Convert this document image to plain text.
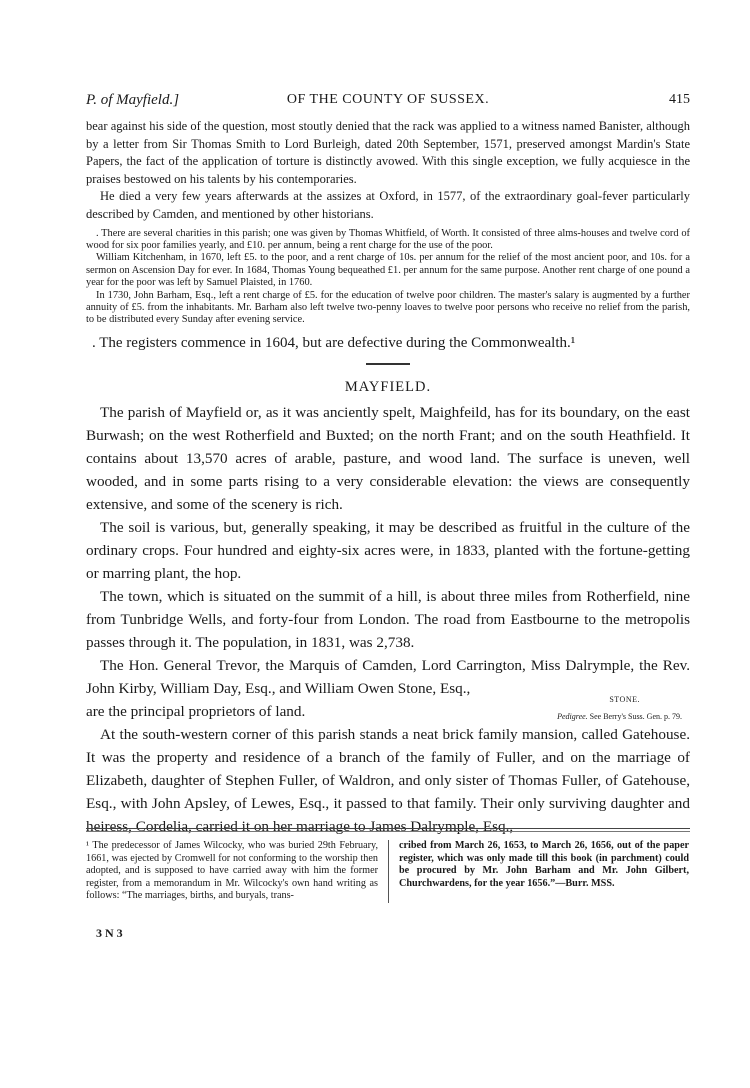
P. of Mayfield.]	OF THE COUNTY OF SUSSEX.	415

bear against his side of the question, most stoutly denied that the rack was applied to a witness named Banister, although by a letter from Sir Thomas Smith to Lord Burleigh, dated 20th September, 1571, preserved amongst Mardin's State Papers, the fact of the application of torture is distinctly avowed. With this single exception, we fully acquiesce in the praises bestowed on his talents by his contemporaries.

He died a very few years afterwards at the assizes at Oxford, in 1577, of the extraordinary goal-fever particularly described by Camden, and mentioned by other historians.

. There are several charities in this parish; one was given by Thomas Whitfield, of Worth. It consisted of three alms-houses and twelve cord of wood for six poor families yearly, and £10. per annum, being a rent charge for the use of the poor.

William Kitchenham, in 1670, left £5. to the poor, and a rent charge of 10s. per annum for the relief of the most ancient poor, and 10s. for a sermon on Ascension Day for ever. In 1684, Thomas Young bequeathed £1. per annum for the same purpose. Another rent charge of one pound a year for the poor was left by Samuel Plaisted, in 1760.

In 1730, John Barham, Esq., left a rent charge of £5. for the education of twelve poor children. The master's salary is augmented by a further annuity of £5. from the inhabitants. Mr. Barham also left twelve two-penny loaves to twelve poor persons who receive no relief from the parish, to be distributed every Sunday after evening service.

. The registers commence in 1604, but are defective during the Commonwealth.¹

MAYFIELD.

The parish of Mayfield or, as it was anciently spelt, Maighfeild, has for its boundary, on the east Burwash; on the west Rotherfield and Buxted; on the north Frant; and on the south Heathfield. It contains about 13,570 acres of arable, pasture, and wood land. The surface is uneven, well wooded, and in some parts rising to a very considerable elevation: the views are consequently extensive, and some of the scenery is rich.

The soil is various, but, generally speaking, it may be described as fruitful in the culture of the ordinary crops. Four hundred and eighty-six acres were, in 1833, planted with the fortune-getting or marring plant, the hop.

The town, which is situated on the summit of a hill, is about three miles from Rotherfield, nine from Tunbridge Wells, and forty-four from London. The road from Eastbourne to the metropolis passes through it. The population, in 1831, was 2,738.

The Hon. General Trevor, the Marquis of Camden, Lord Carrington, Miss Dalrymple, the Rev. John Kirby, William Day, Esq., and William Owen Stone, Esq.,

are the principal proprietors of land.
STONE.
Pedigree. See Berry's Suss. Gen. p. 79.

At the south-western corner of this parish stands a neat brick family mansion, called Gatehouse. It was the property and residence of a branch of the family of Fuller, and on the marriage of Elizabeth, daughter of Stephen Fuller, of Waldron, and only sister of Thomas Fuller, of Gatehouse, Esq., with John Apsley, of Lewes, Esq., it passed to that family. Their only surviving daughter and heiress, Cordelia, carried it on her marriage to James Dalrymple, Esq.,

¹ The predecessor of James Wilcocky, who was buried 29th February, 1661, was ejected by Cromwell for not conforming to the worship then adopted, and is supposed to have carried away with him the former register, from a memorandum in Mr. Wilcocky's own hand writing as follows: “The marriages, births, and buryals, trans-
cribed from March 26, 1653, to March 26, 1656, out of the paper register, which was only made till this book (in parchment) could be procured by Mr. John Barham and Mr. John Gilbert, Churchwardens, for the year 1656.”—Burr. MSS.
3 N 3
